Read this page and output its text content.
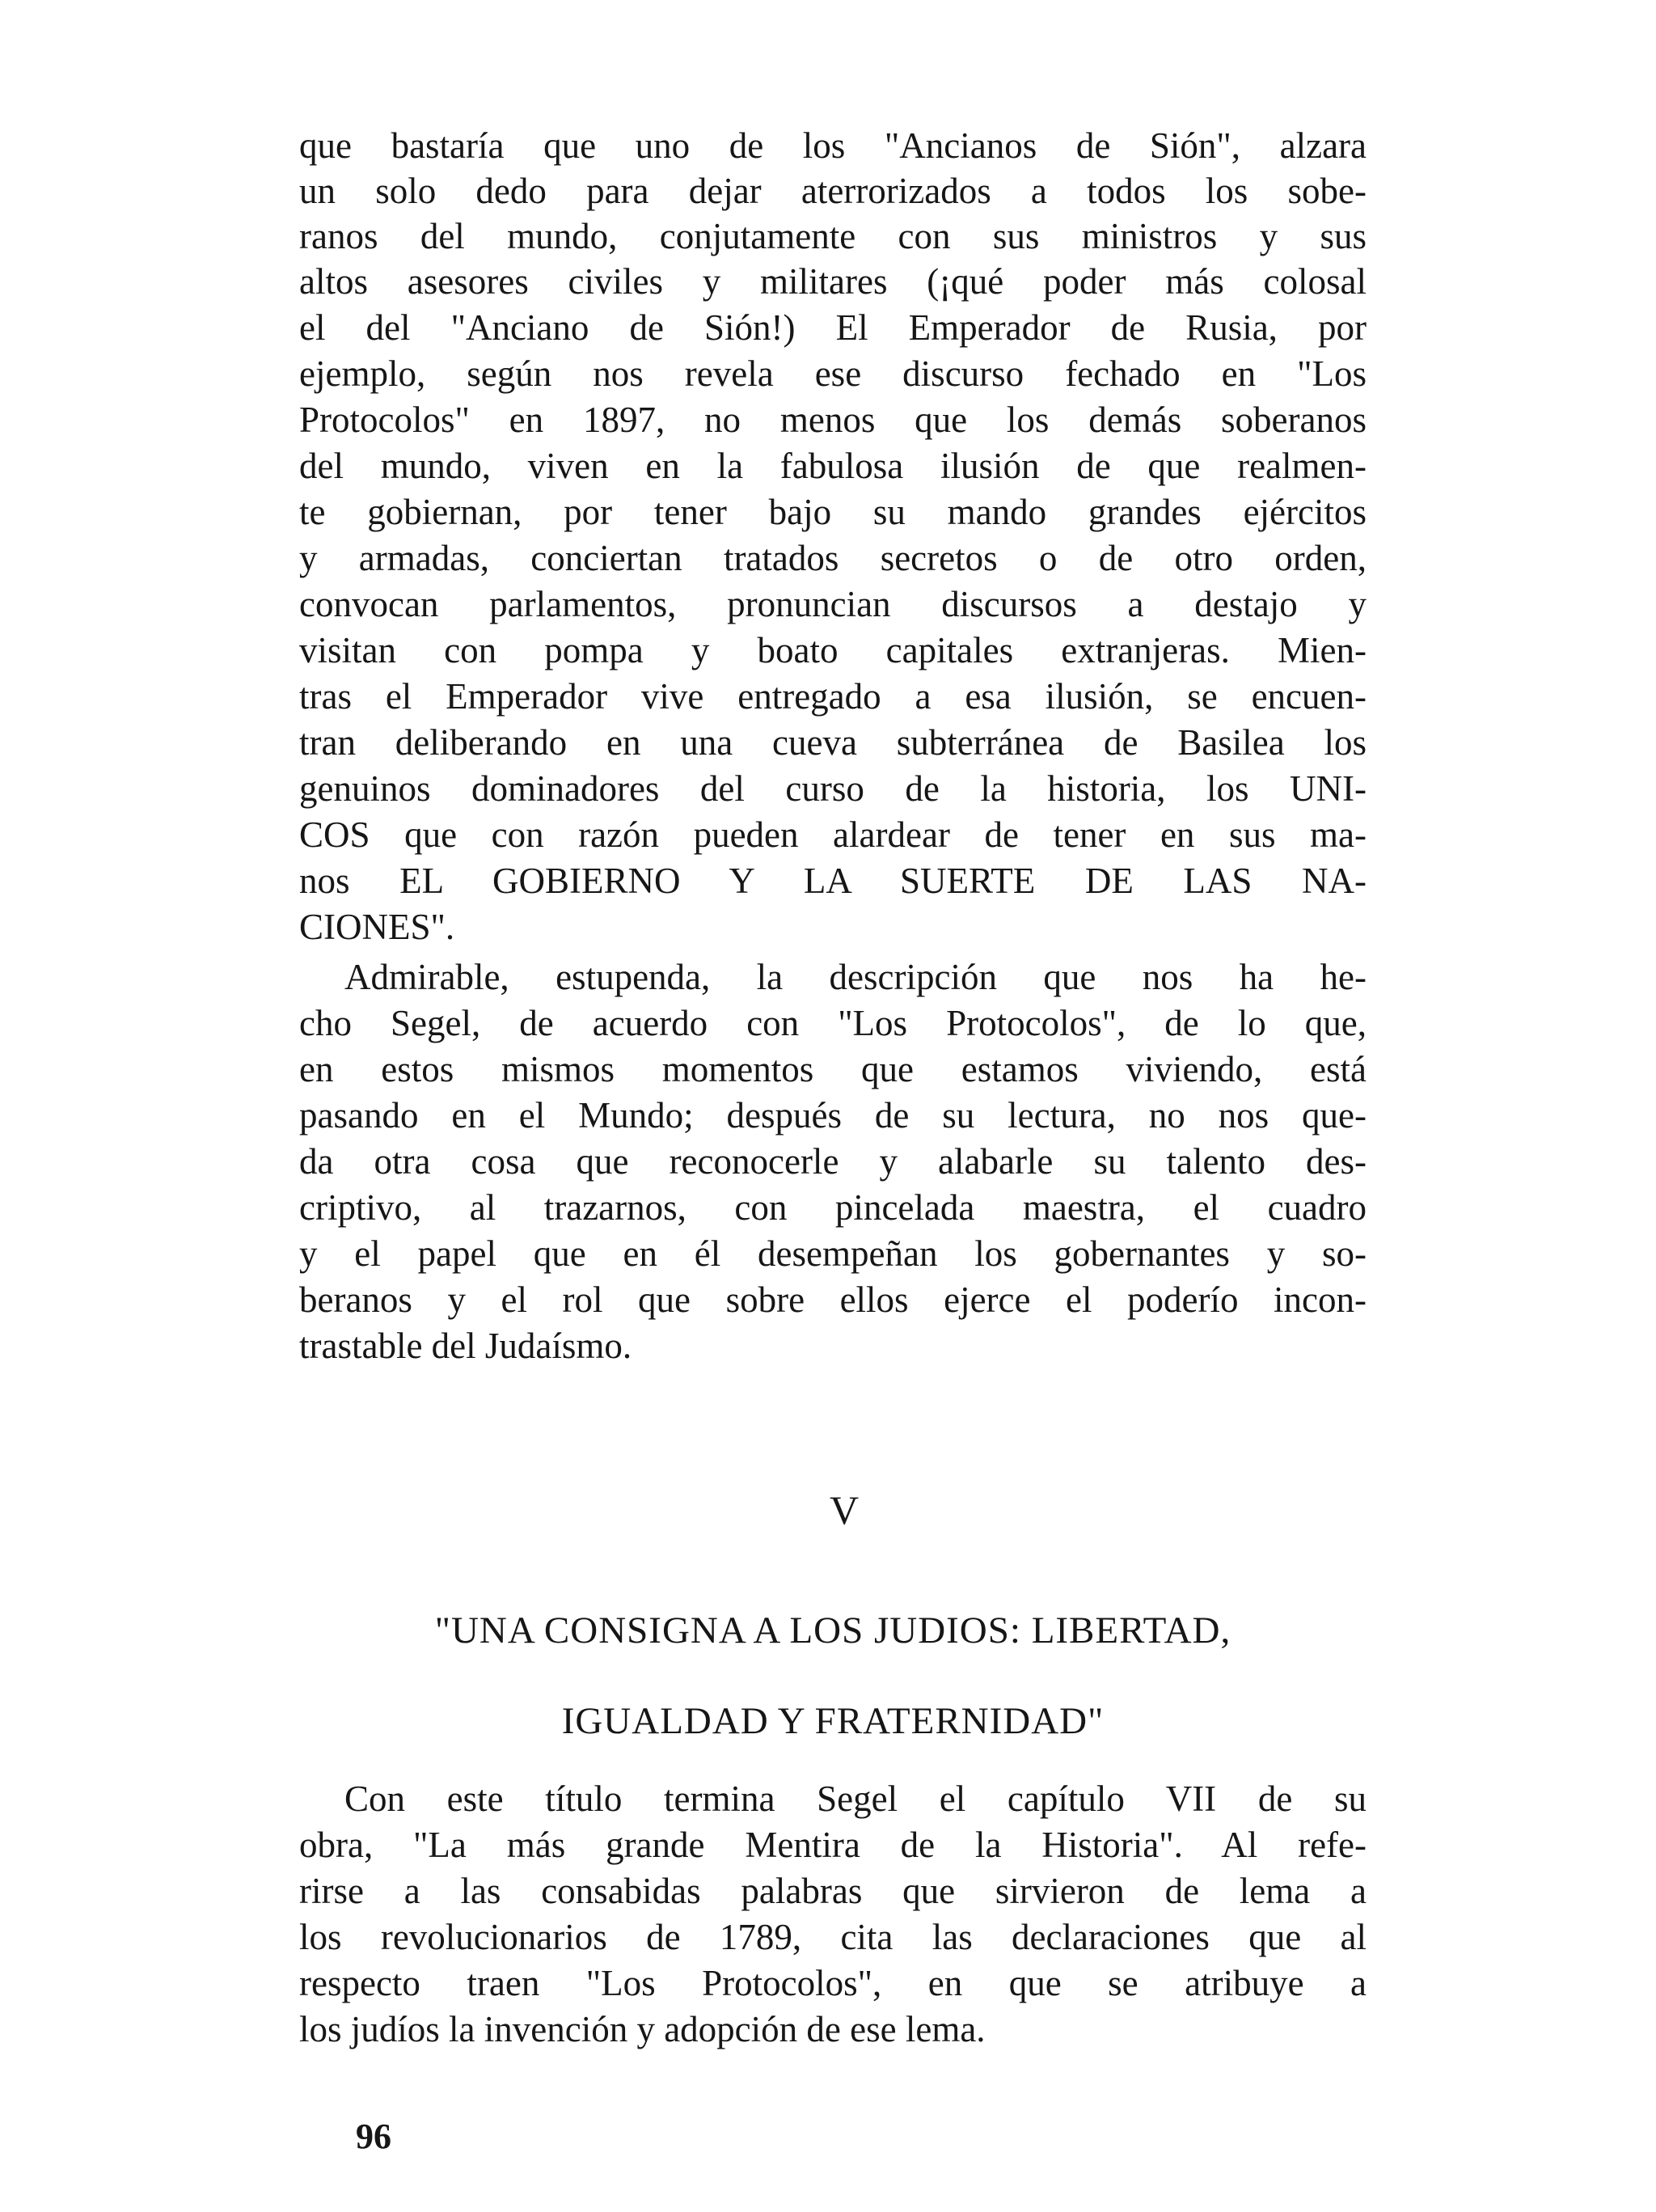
que bastaría que uno de los "Ancianos de Sión", alzara
un solo dedo para dejar aterrorizados a todos los sobe-
ranos del mundo, conjutamente con sus ministros y sus
altos asesores civiles y militares (¡qué poder más colosal
el del "Anciano de Sión!) El Emperador de Rusia, por
ejemplo, según nos revela ese discurso fechado en "Los
Protocolos" en 1897, no menos que los demás soberanos
del mundo, viven en la fabulosa ilusión de que realmen-
te gobiernan, por tener bajo su mando grandes ejércitos
y armadas, conciertan tratados secretos o de otro orden,
convocan parlamentos, pronuncian discursos a destajo y
visitan con pompa y boato capitales extranjeras. Mien-
tras el Emperador vive entregado a esa ilusión, se encuen-
tran deliberando en una cueva subterránea de Basilea los
genuinos dominadores del curso de la historia, los UNI-
COS que con razón pueden alardear de tener en sus ma-
nos EL GOBIERNO Y LA SUERTE DE LAS NA-
CIONES".
Admirable, estupenda, la descripción que nos ha he-
cho Segel, de acuerdo con "Los Protocolos", de lo que,
en estos mismos momentos que estamos viviendo, está
pasando en el Mundo; después de su lectura, no nos que-
da otra cosa que reconocerle y alabarle su talento des-
criptivo, al trazarnos, con pincelada maestra, el cuadro
y el papel que en él desempeñan los gobernantes y so-
beranos y el rol que sobre ellos ejerce el poderío incon-
trastable del Judaísmo.
V
"UNA CONSIGNA A LOS JUDIOS: LIBERTAD,
IGUALDAD Y FRATERNIDAD"
Con este título termina Segel el capítulo VII de su
obra, "La más grande Mentira de la Historia". Al refe-
rirse a las consabidas palabras que sirvieron de lema a
los revolucionarios de 1789, cita las declaraciones que al
respecto traen "Los Protocolos", en que se atribuye a
los judíos la invención y adopción de ese lema.
96
